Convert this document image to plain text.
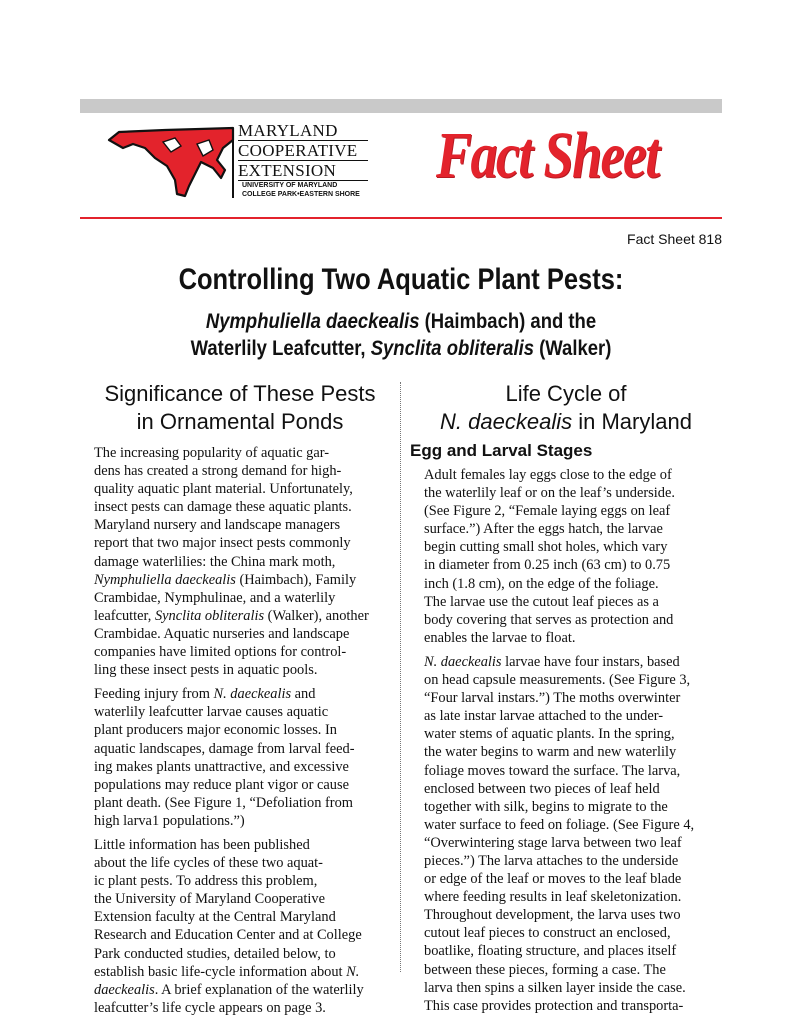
MARYLAND
COOPERATIVE
EXTENSION
UNIVERSITY OF MARYLAND
COLLEGE PARK•EASTERN SHORE
Fact Sheet
Fact Sheet 818
Controlling Two Aquatic Plant Pests:
Nymphuliella daeckealis (Haimbach) and the
Waterlily Leafcutter, Synclita obliteralis (Walker)
Significance of These Pests
in Ornamental Ponds

The increasing popularity of aquatic gar-
dens has created a strong demand for high-
quality aquatic plant material. Unfortunately,
insect pests can damage these aquatic plants.
Maryland nursery and landscape managers
report that two major insect pests commonly
damage waterlilies: the China mark moth,
Nymphuliella daeckealis (Haimbach), Family
Crambidae, Nymphulinae, and a waterlily
leafcutter, Synclita obliteralis (Walker), another
Crambidae. Aquatic nurseries and landscape
companies have limited options for control-
ling these insect pests in aquatic pools.

Feeding injury from N. daeckealis and
waterlily leafcutter larvae causes aquatic
plant producers major economic losses. In
aquatic landscapes, damage from larval feed-
ing makes plants unattractive, and excessive
populations may reduce plant vigor or cause
plant death. (See Figure 1, “Defoliation from
high larva1 populations.”)

Little information has been published
about the life cycles of these two aquat-
ic plant pests. To address this problem,
the University of Maryland Cooperative
Extension faculty at the Central Maryland
Research and Education Center and at College
Park conducted studies, detailed below, to
establish basic life-cycle information about N.
daeckealis. A brief explanation of the waterlily
leafcutter’s life cycle appears on page 3.

Life Cycle of
N. daeckealis in Maryland
Egg and Larval Stages

Adult females lay eggs close to the edge of
the waterlily leaf or on the leaf’s underside.
(See Figure 2, “Female laying eggs on leaf
surface.”) After the eggs hatch, the larvae
begin cutting small shot holes, which vary
in diameter from 0.25 inch (63 cm) to 0.75
inch (1.8 cm), on the edge of the foliage.
The larvae use the cutout leaf pieces as a
body covering that serves as protection and
enables the larvae to float.

N. daeckealis larvae have four instars, based
on head capsule measurements. (See Figure 3,
“Four larval instars.”) The moths overwinter
as late instar larvae attached to the under-
water stems of aquatic plants. In the spring,
the water begins to warm and new waterlily
foliage moves toward the surface. The larva,
enclosed between two pieces of leaf held
together with silk, begins to migrate to the
water surface to feed on foliage. (See Figure 4,
“Overwintering stage larva between two leaf
pieces.”) The larva attaches to the underside
or edge of the leaf or moves to the leaf blade
where feeding results in leaf skeletonization.
Throughout development, the larva uses two
cutout leaf pieces to construct an enclosed,
boatlike, floating structure, and places itself
between these pieces, forming a case. The
larva then spins a silken layer inside the case.
This case provides protection and transporta-
